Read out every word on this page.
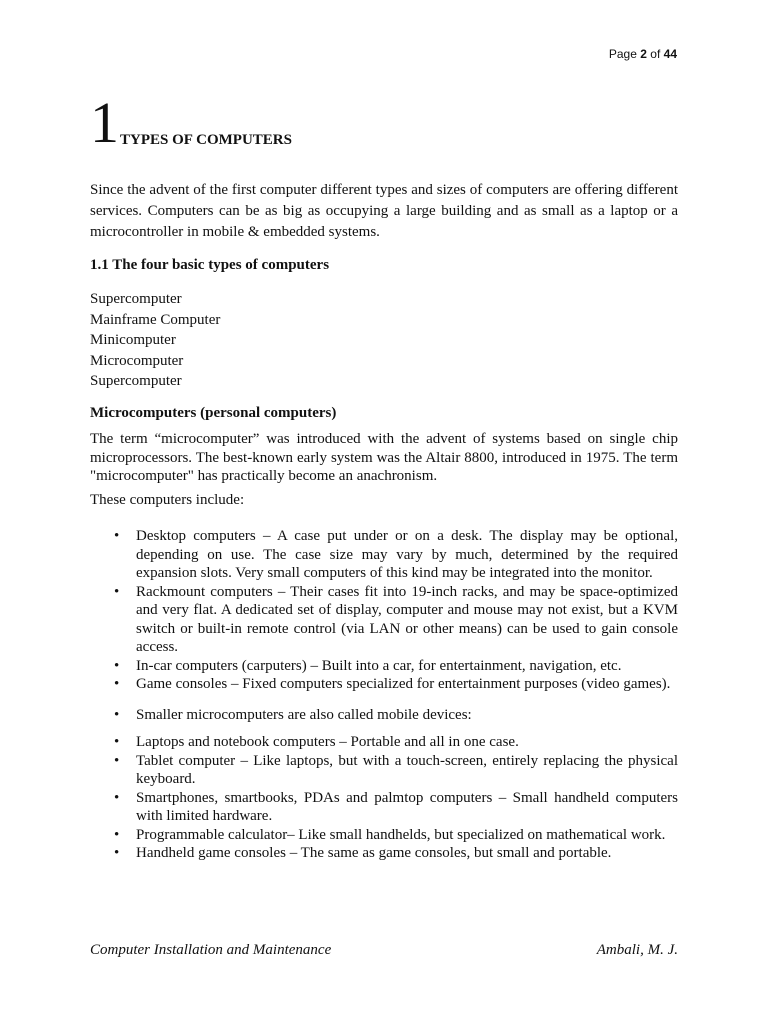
Page 2 of 44
1 TYPES OF COMPUTERS

Since the advent of the first computer different types and sizes of computers are offering different services. Computers can be as big as occupying a large building and as small as a laptop or a microcontroller in mobile & embedded systems.

1.1 The four basic types of computers
Supercomputer
Mainframe Computer
Minicomputer
Microcomputer
Supercomputer
Microcomputers (personal computers)

The term “microcomputer” was introduced with the advent of systems based on single chip microprocessors. The best-known early system was the Altair 8800, introduced in 1975. The term "microcomputer" has practically become an anachronism.

These computers include:

• Desktop computers – A case put under or on a desk. The display may be optional, depending on use. The case size may vary by much, determined by the required expansion slots. Very small computers of this kind may be integrated into the monitor.
• Rackmount computers – Their cases fit into 19-inch racks, and may be space-optimized and very flat. A dedicated set of display, computer and mouse may not exist, but a KVM switch or built-in remote control (via LAN or other means) can be used to gain console access.
• In-car computers (carputers) – Built into a car, for entertainment, navigation, etc.
• Game consoles – Fixed computers specialized for entertainment purposes (video games).
• Smaller microcomputers are also called mobile devices:
• Laptops and notebook computers – Portable and all in one case.
• Tablet computer – Like laptops, but with a touch-screen, entirely replacing the physical keyboard.
• Smartphones, smartbooks, PDAs and palmtop computers – Small handheld computers with limited hardware.
• Programmable calculator– Like small handhelds, but specialized on mathematical work.
• Handheld game consoles – The same as game consoles, but small and portable.
Computer Installation and Maintenance	Ambali, M. J.
